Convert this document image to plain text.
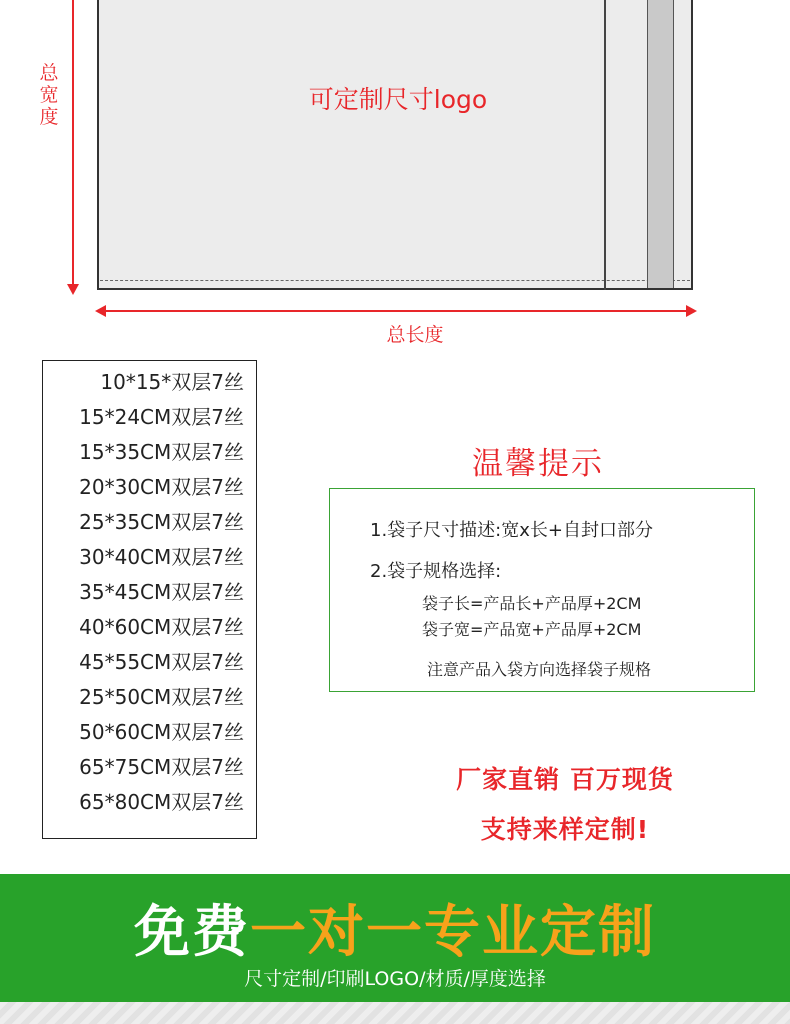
可定制尺寸logo
总宽度
总长度
10*15*双层7丝
15*24CM双层7丝
15*35CM双层7丝
20*30CM双层7丝
25*35CM双层7丝
30*40CM双层7丝
35*45CM双层7丝
40*60CM双层7丝
45*55CM双层7丝
25*50CM双层7丝
50*60CM双层7丝
65*75CM双层7丝
65*80CM双层7丝
温馨提示
1.袋子尺寸描述:宽x长+自封口部分
2.袋子规格选择:
袋子长=产品长+产品厚+2CM
袋子宽=产品宽+产品厚+2CM
注意产品入袋方向选择袋子规格
厂家直销 百万现货
支持来样定制!
免费一对一专业定制
尺寸定制/印刷LOGO/材质/厚度选择
